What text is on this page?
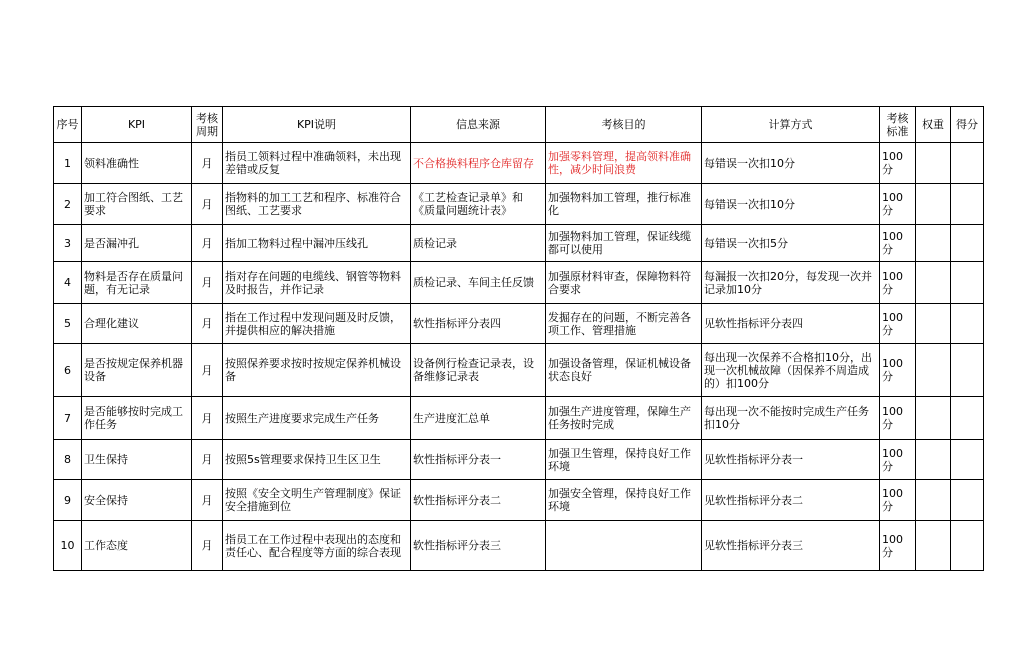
序号	KPI	考核周期	KPI说明	信息来源	考核目的	计算方式	考核标准	权重	得分
1	领料准确性	月	指员工领料过程中准确领料，未出现差错或反复	不合格换料程序仓库留存	加强零料管理，提高领料准确性，减少时间浪费	每错误一次扣10分	100分		
2	加工符合图纸、工艺要求	月	指物料的加工工艺和程序、标准符合图纸、工艺要求	《工艺检查记录单》和《质量问题统计表》	加强物料加工管理，推行标准化	每错误一次扣10分	100分		
3	是否漏冲孔	月	指加工物料过程中漏冲压线孔	质检记录	加强物料加工管理，保证线缆都可以使用	每错误一次扣5分	100分		
4	物料是否存在质量问题，有无记录	月	指对存在问题的电缆线、钢管等物料及时报告，并作记录	质检记录、车间主任反馈	加强原材料审查，保障物料符合要求	每漏报一次扣20分，每发现一次并记录加10分	100分		
5	合理化建议	月	指在工作过程中发现问题及时反馈，并提供相应的解决措施	软性指标评分表四	发掘存在的问题，不断完善各项工作、管理措施	见软性指标评分表四	100分		
6	是否按规定保养机器设备	月	按照保养要求按时按规定保养机械设备	设备例行检查记录表，设备维修记录表	加强设备管理，保证机械设备状态良好	每出现一次保养不合格扣10分，出现一次机械故障（因保养不周造成的）扣100分	100分		
7	是否能够按时完成工作任务	月	按照生产进度要求完成生产任务	生产进度汇总单	加强生产进度管理，保障生产任务按时完成	每出现一次不能按时完成生产任务扣10分	100分		
8	卫生保持	月	按照5s管理要求保持卫生区卫生	软性指标评分表一	加强卫生管理，保持良好工作环境	见软性指标评分表一	100分		
9	安全保持	月	按照《安全文明生产管理制度》保证安全措施到位	软性指标评分表二	加强安全管理，保持良好工作环境	见软性指标评分表二	100分		
10	工作态度	月	指员工在工作过程中表现出的态度和责任心、配合程度等方面的综合表现	软性指标评分表三		见软性指标评分表三	100分		
